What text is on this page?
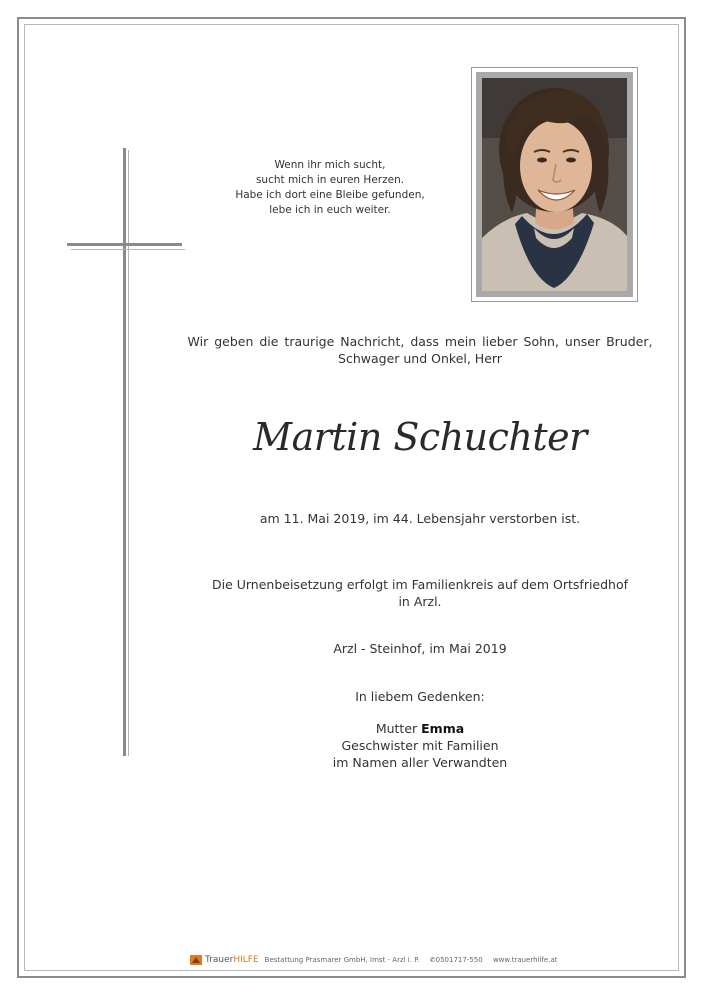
Wenn ihr mich sucht,
sucht mich in euren Herzen.
Habe ich dort eine Bleibe gefunden,
lebe ich in euch weiter.
Wir geben die traurige Nachricht, dass mein lieber Sohn, unser Bruder,
Schwager und Onkel, Herr
Martin Schuchter
am 11. Mai 2019, im 44. Lebensjahr verstorben ist.
Die Urnenbeisetzung erfolgt im Familienkreis auf dem Ortsfriedhof
in Arzl.
Arzl - Steinhof, im Mai 2019
In liebem Gedenken:
Mutter Emma
Geschwister mit Familien
im Namen aller Verwandten
TrauerHILFE Bestattung Prasmarer GmbH, Imst - Arzl i. P.
✆0501717-550
www.trauerhilfe.at
